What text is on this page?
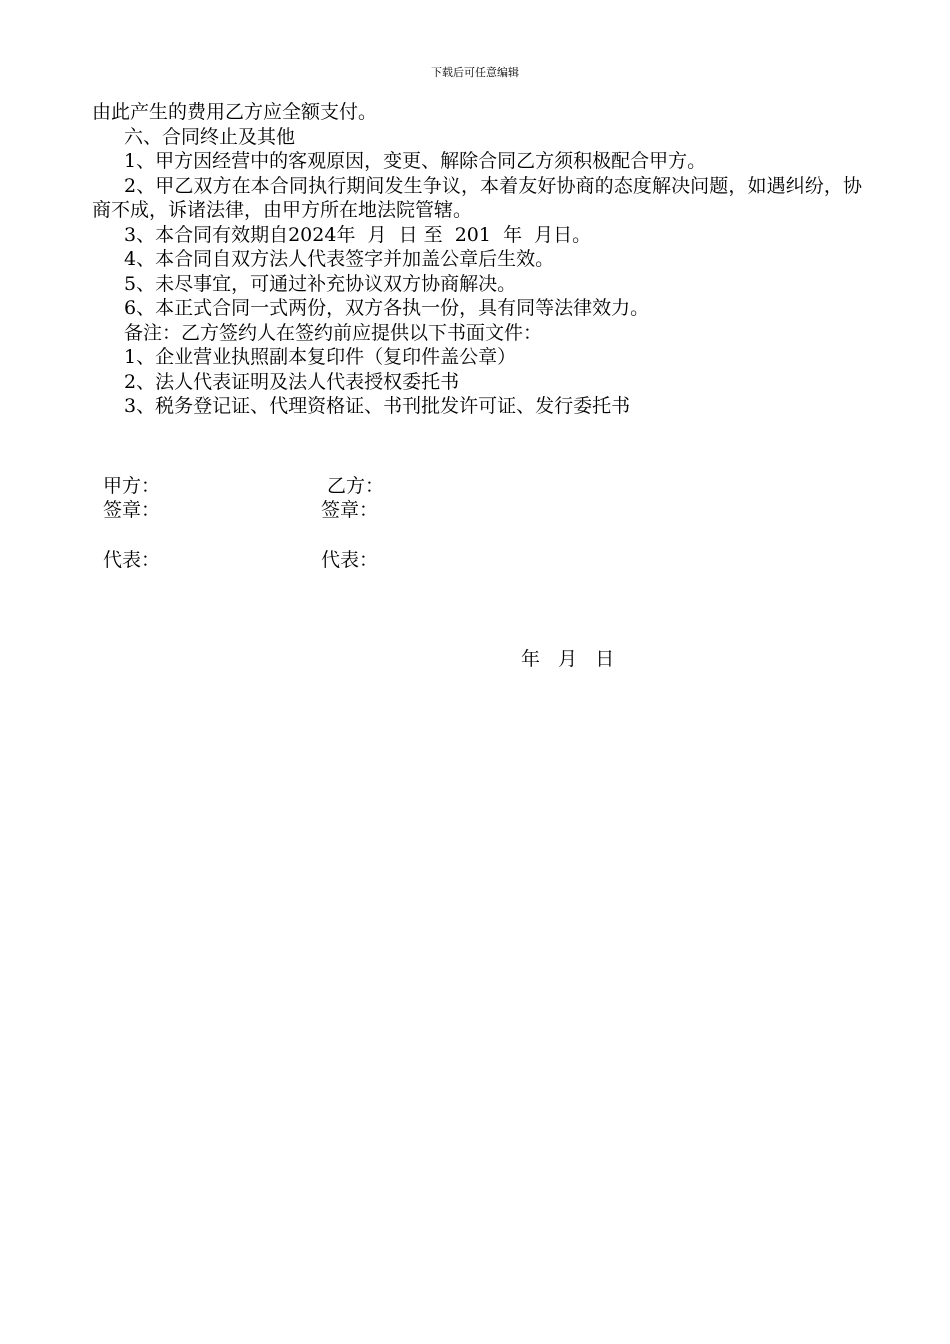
下载后可任意编辑
由此产生的费用乙方应全额支付。
六、合同终止及其他
1、甲方因经营中的客观原因，变更、解除合同乙方须积极配合甲方。
2、甲乙双方在本合同执行期间发生争议，本着友好协商的态度解决问题，如遇纠纷，协商不成，诉诸法律，由甲方所在地法院管辖。
3、本合同有效期自2024年  月  日 至  201  年  月日。
4、本合同自双方法人代表签字并加盖公章后生效。
5、未尽事宜，可通过补充协议双方协商解决。
6、本正式合同一式两份，双方各执一份，具有同等法律效力。
备注：乙方签约人在签约前应提供以下书面文件：
1、企业营业执照副本复印件（复印件盖公章）
2、法人代表证明及法人代表授权委托书
3、税务登记证、代理资格证、书刊批发许可证、发行委托书
甲方：	乙方：
签章：	签章：
代表：	代表：
年   月   日
